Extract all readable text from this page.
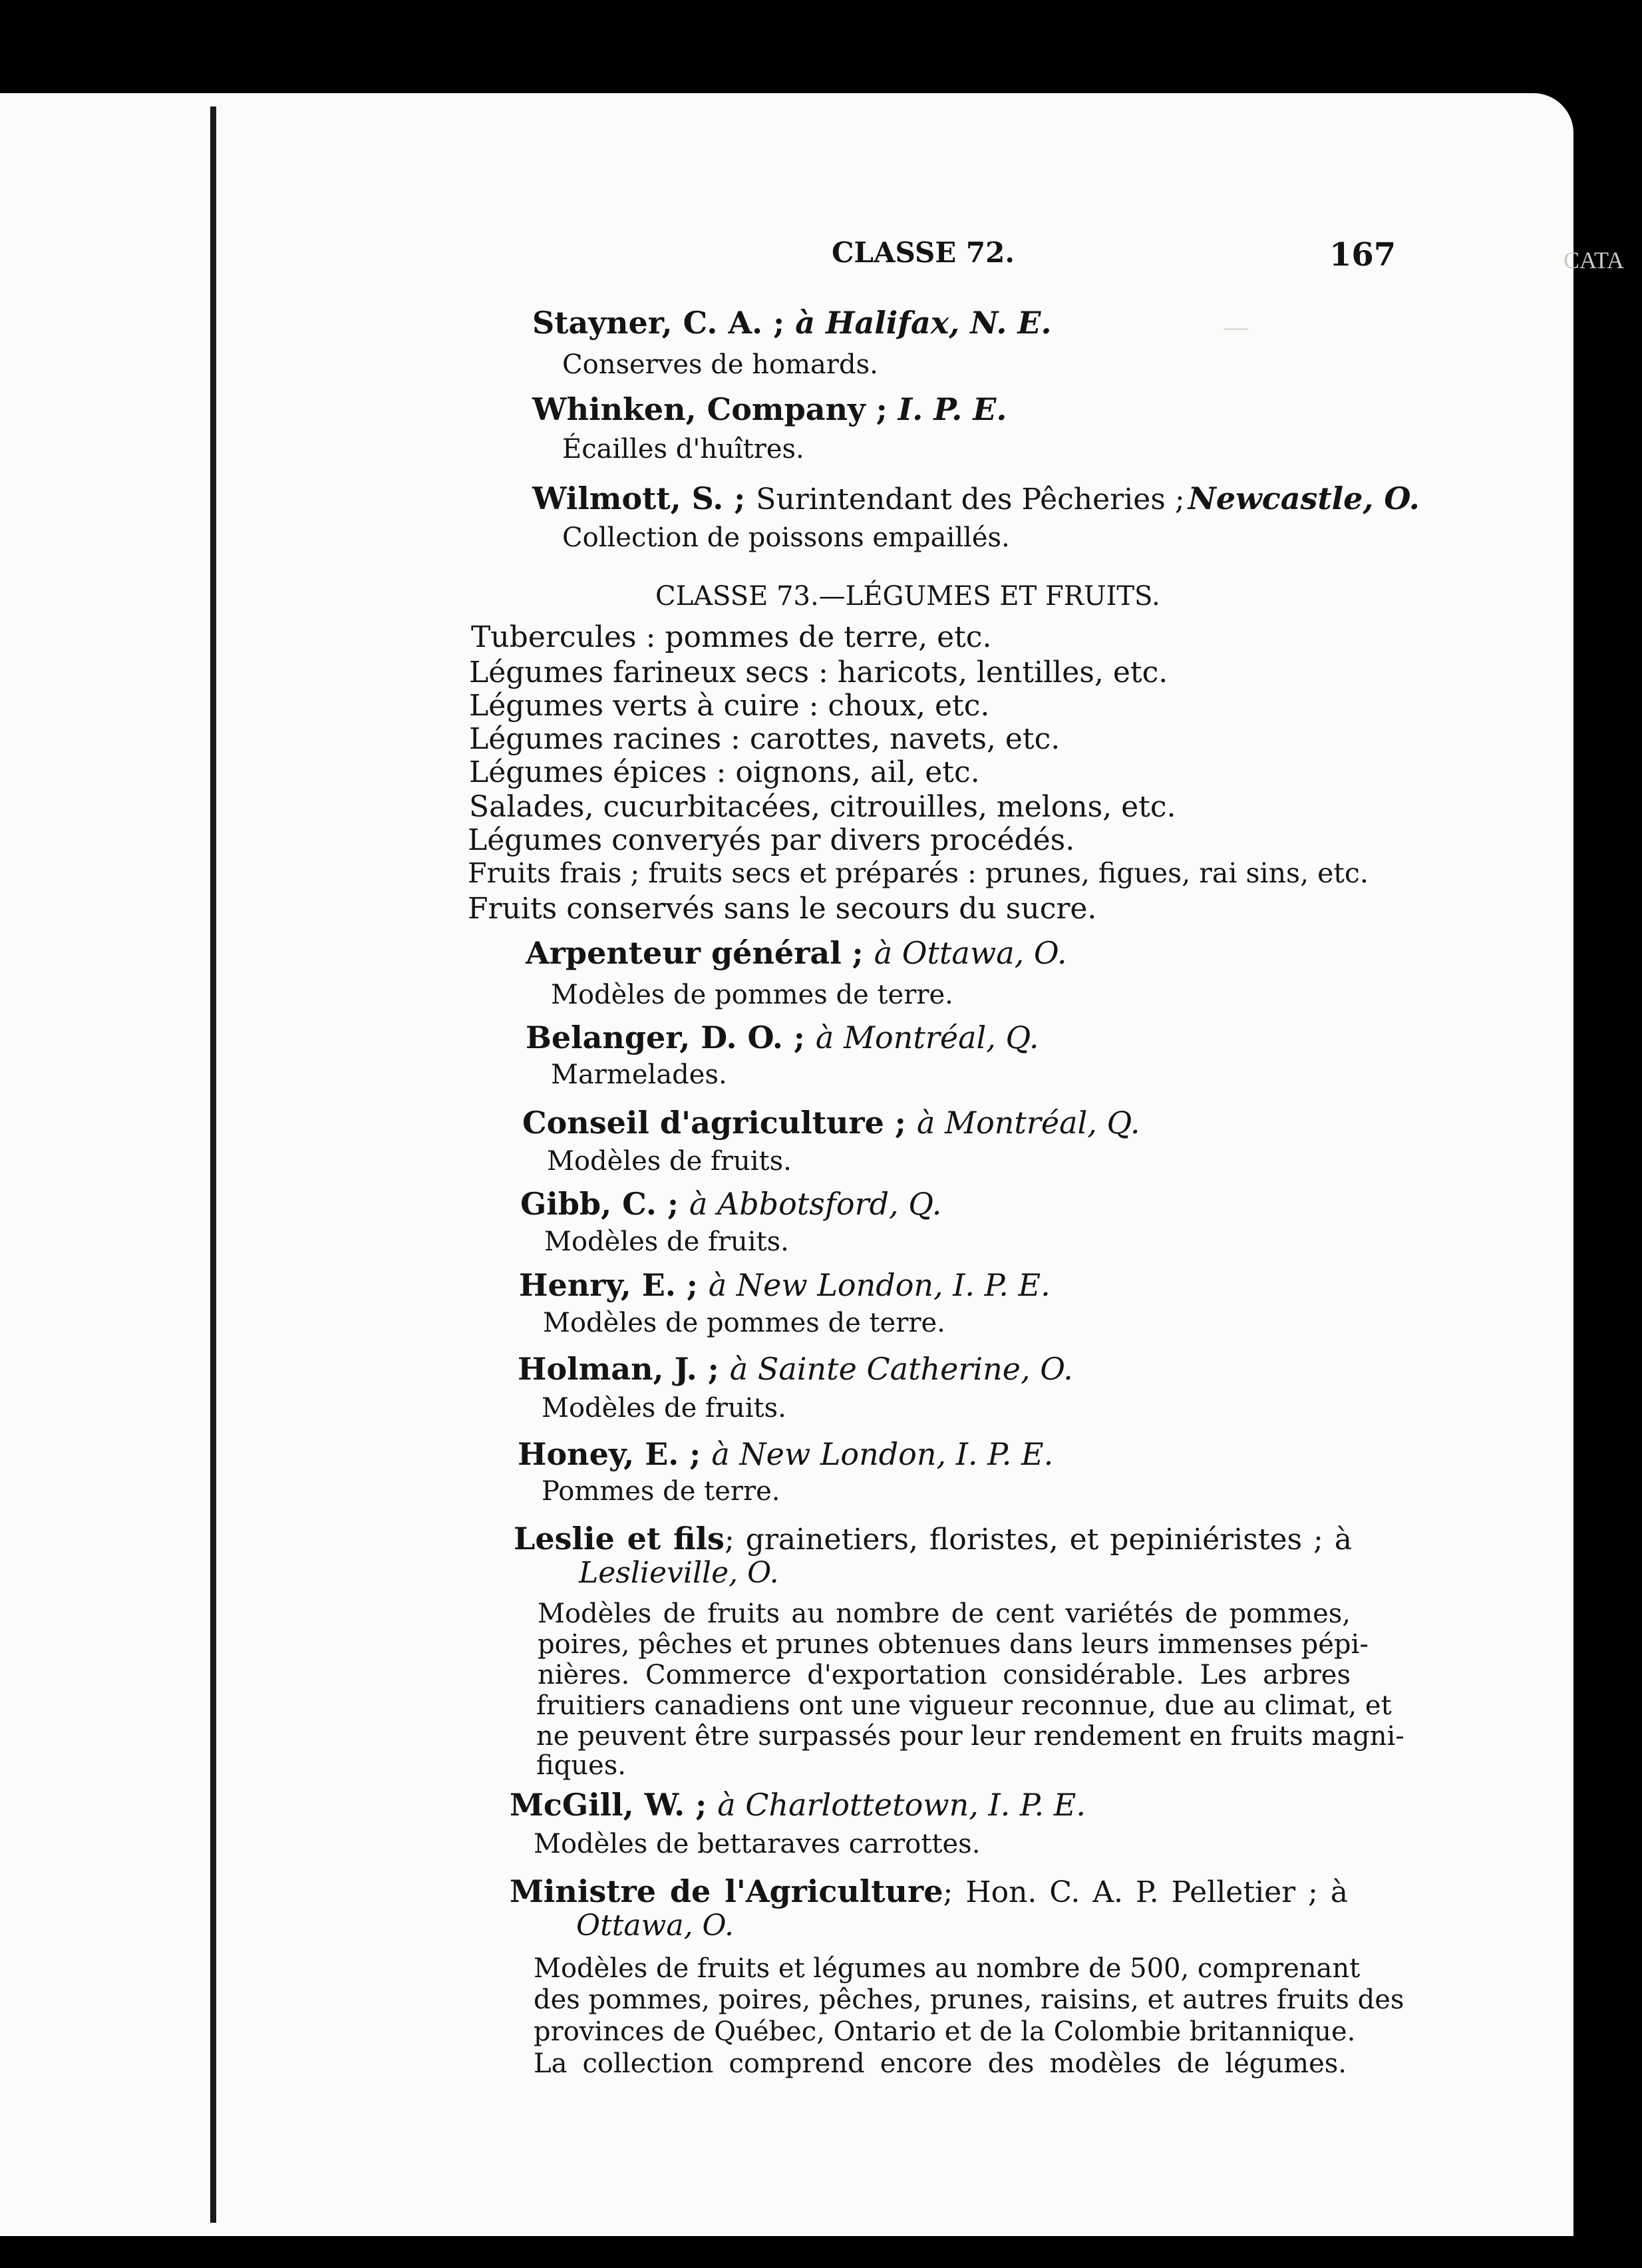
CATA
—
CLASSE 72.	167
Stayner, C. A. ; à Halifax, N. E.
Conserves de homards.
Whinken, Company ; I. P. E.
Écailles d'huîtres.
Wilmott, S. ; Surintendant des Pêcheries ; Newcastle, O.
Collection de poissons empaillés.
CLASSE 73.—LÉGUMES ET FRUITS.
Tubercules : pommes de terre, etc.
Légumes farineux secs : haricots, lentilles, etc.
Légumes verts à cuire : choux, etc.
Légumes racines : carottes, navets, etc.
Légumes épices : oignons, ail, etc.
Salades, cucurbitacées, citrouilles, melons, etc.
Légumes converyés par divers procédés.
Fruits frais ; fruits secs et préparés : prunes, figues, rai sins, etc.
Fruits conservés sans le secours du sucre.
Arpenteur général ; à Ottawa, O.
Modèles de pommes de terre.
Belanger, D. O. ; à Montréal, Q.
Marmelades.
Conseil d'agriculture ; à Montréal, Q.
Modèles de fruits.
Gibb, C. ; à Abbotsford, Q.
Modèles de fruits.
Henry, E. ; à New London, I. P. E.
Modèles de pommes de terre.
Holman, J. ; à Sainte Catherine, O.
Modèles de fruits.
Honey, E. ; à New London, I. P. E.
Pommes de terre.
Leslie et fils; grainetiers, floristes, et pepiniéristes ; à
Leslieville, O.
Modèles de fruits au nombre de cent variétés de pommes,
poires, pêches et prunes obtenues dans leurs immenses pépi-
nières. Commerce d'exportation considérable. Les arbres
fruitiers canadiens ont une vigueur reconnue, due au climat, et
ne peuvent être surpassés pour leur rendement en fruits magni-
fiques.
McGill, W. ; à Charlottetown, I. P. E.
Modèles de bettaraves carrottes.
Ministre de l'Agriculture; Hon. C. A. P. Pelletier ; à
Ottawa, O.
Modèles de fruits et légumes au nombre de 500, comprenant
des pommes, poires, pêches, prunes, raisins, et autres fruits des
provinces de Québec, Ontario et de la Colombie britannique.
La collection comprend encore des modèles de légumes.
